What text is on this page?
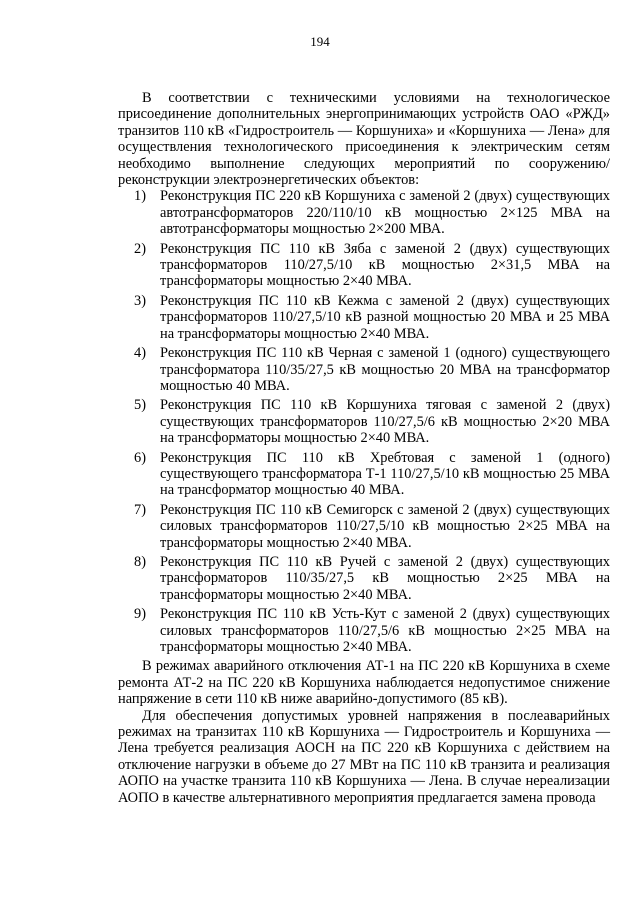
194

В соответствии с техническими условиями на технологическое присоединение дополнительных энергопринимающих устройств ОАО «РЖД» транзитов 110 кВ «Гидростроитель — Коршуниха» и «Коршуниха — Лена» для осуществления технологического присоединения к электрическим сетям необходимо выполнение следующих мероприятий по сооружению/реконструкции электроэнергетических объектов:

1) Реконструкция ПС 220 кВ Коршуниха с заменой 2 (двух) существующих автотрансформаторов 220/110/10 кВ мощностью 2×125 МВА на автотрансформаторы мощностью 2×200 МВА.
2) Реконструкция ПС 110 кВ Зяба с заменой 2 (двух) существующих трансформаторов 110/27,5/10 кВ мощностью 2×31,5 МВА на трансформаторы мощностью 2×40 МВА.
3) Реконструкция ПС 110 кВ Кежма с заменой 2 (двух) существующих трансформаторов 110/27,5/10 кВ разной мощностью 20 МВА и 25 МВА на трансформаторы мощностью 2×40 МВА.
4) Реконструкция ПС 110 кВ Черная с заменой 1 (одного) существующего трансформатора 110/35/27,5 кВ мощностью 20 МВА на трансформатор мощностью 40 МВА.
5) Реконструкция ПС 110 кВ Коршуниха тяговая с заменой 2 (двух) существующих трансформаторов 110/27,5/6 кВ мощностью 2×20 МВА на трансформаторы мощностью 2×40 МВА.
6) Реконструкция ПС 110 кВ Хребтовая с заменой 1 (одного) существующего трансформатора Т-1 110/27,5/10 кВ мощностью 25 МВА на трансформатор мощностью 40 МВА.
7) Реконструкция ПС 110 кВ Семигорск с заменой 2 (двух) существующих силовых трансформаторов 110/27,5/10 кВ мощностью 2×25 МВА на трансформаторы мощностью 2×40 МВА.
8) Реконструкция ПС 110 кВ Ручей с заменой 2 (двух) существующих трансформаторов 110/35/27,5 кВ мощностью 2×25 МВА на трансформаторы мощностью 2×40 МВА.
9) Реконструкция ПС 110 кВ Усть-Кут с заменой 2 (двух) существующих силовых трансформаторов 110/27,5/6 кВ мощностью 2×25 МВА на трансформаторы мощностью 2×40 МВА.

В режимах аварийного отключения АТ-1 на ПС 220 кВ Коршуниха в схеме ремонта АТ-2 на ПС 220 кВ Коршуниха наблюдается недопустимое снижение напряжение в сети 110 кВ ниже аварийно-допустимого (85 кВ).

Для обеспечения допустимых уровней напряжения в послеаварийных режимах на транзитах 110 кВ Коршуниха — Гидростроитель и Коршуниха — Лена требуется реализация АОСН на ПС 220 кВ Коршуниха с действием на отключение нагрузки в объеме до 27 МВт на ПС 110 кВ транзита и реализация АОПО на участке транзита 110 кВ Коршуниха — Лена. В случае нереализации АОПО в качестве альтернативного мероприятия предлагается замена провода
